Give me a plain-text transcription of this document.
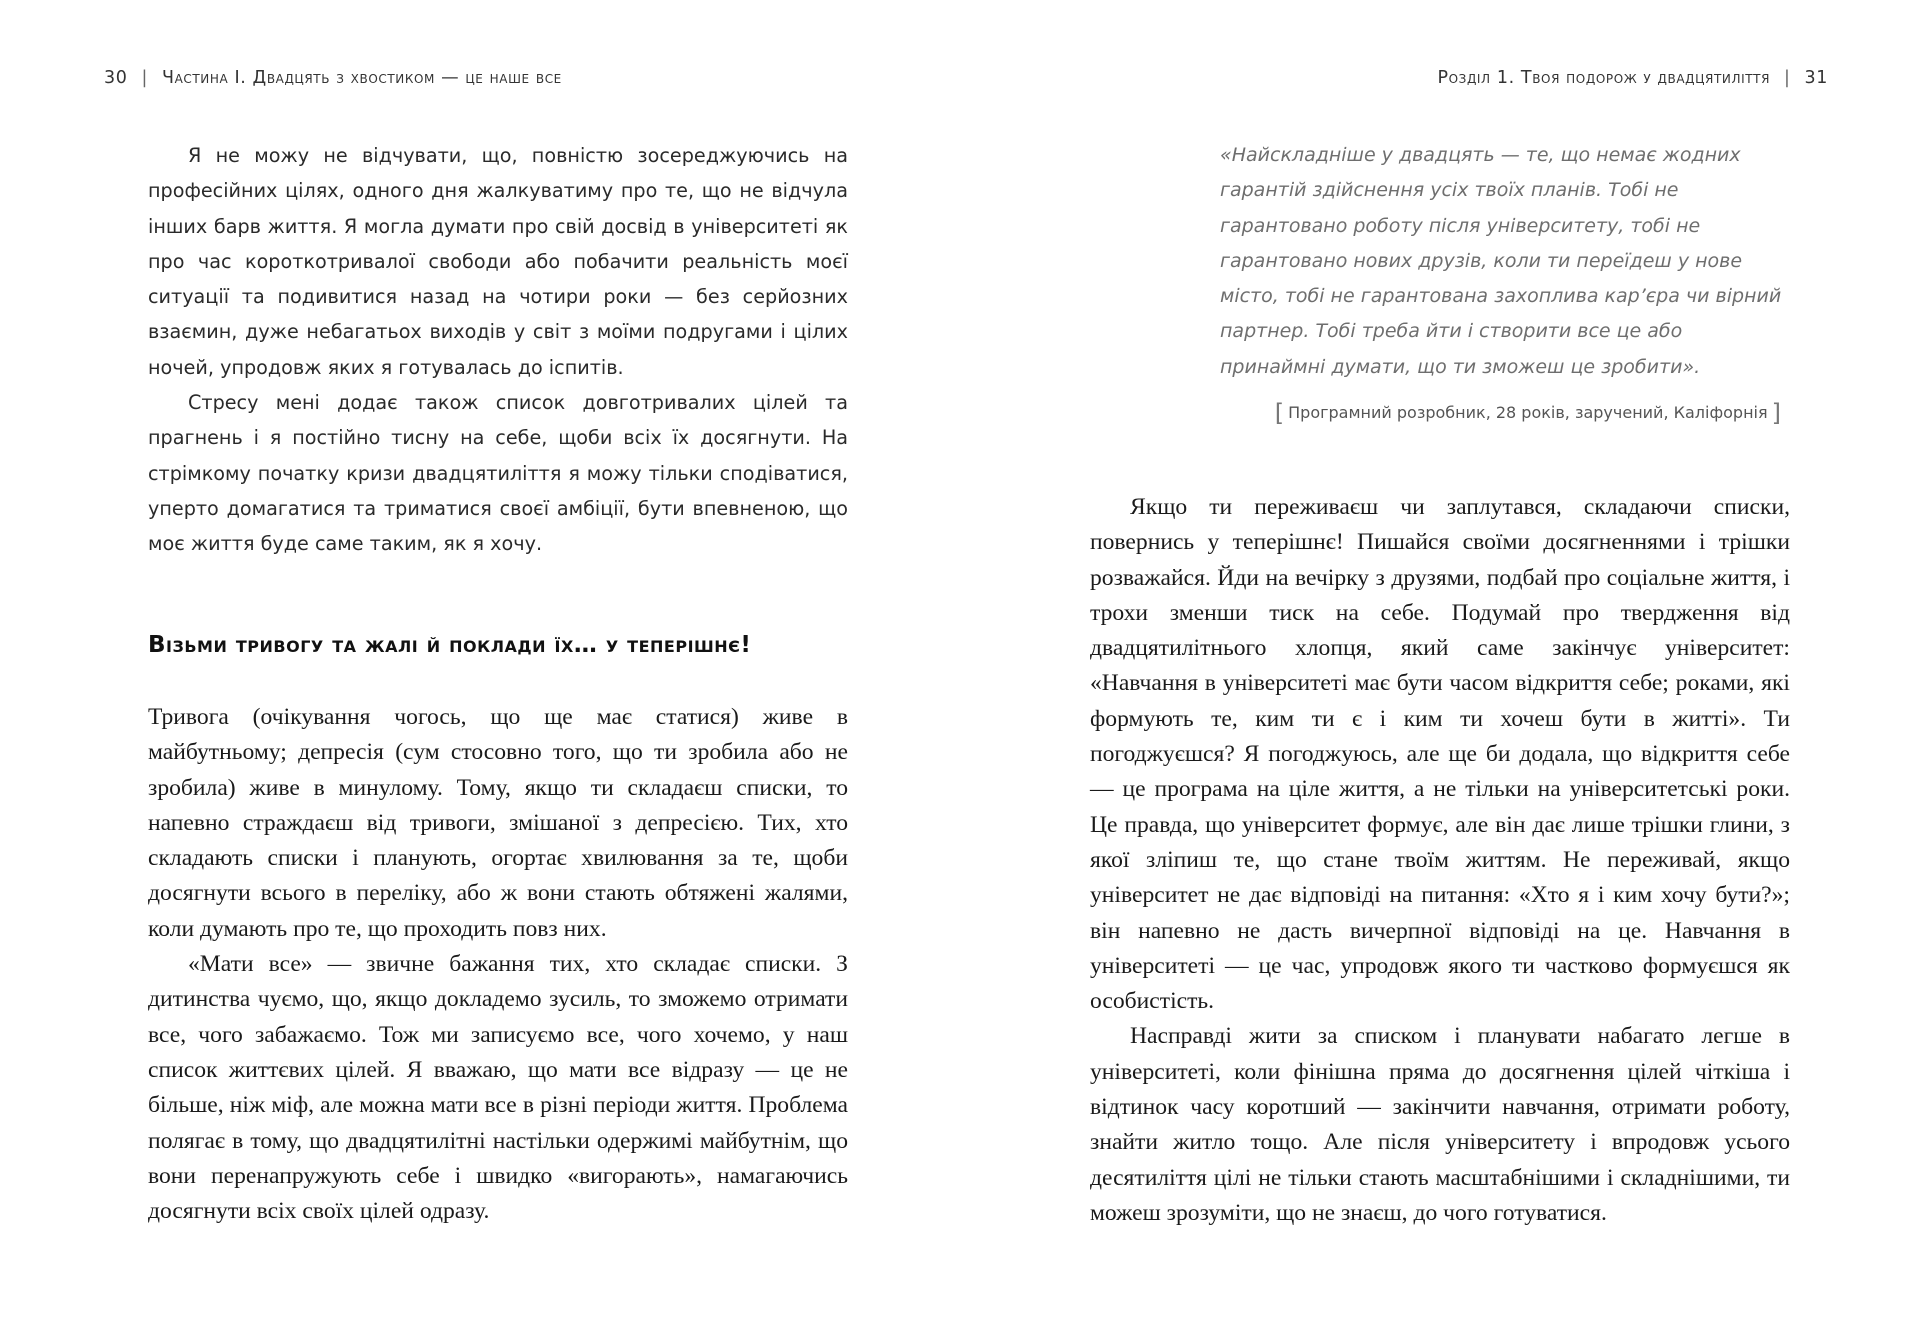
30 | Частина І. Двадцять з хвостиком — це наше все

Я не можу не відчувати, що, повністю зосереджуючись на професійних цілях, одного дня жалкуватиму про те, що не відчула інших барв життя. Я могла думати про свій досвід в університеті як про час короткотривалої свободи або побачити реальність моєї ситуації та подивитися назад на чотири роки — без серйозних взаємин, дуже небагатьох виходів у світ з моїми подругами і цілих ночей, упродовж яких я готувалась до іспитів.

Стресу мені додає також список довготривалих цілей та прагнень і я постійно тисну на себе, щоби всіх їх досягнути. На стрімкому початку кризи двадцятиліття я можу тільки сподіватися, уперто домагатися та триматися своєї амбіції, бути впевненою, що моє життя буде саме таким, як я хочу.

Візьми тривогу та жалі й поклади їх… у теперішнє!

Тривога (очікування чогось, що ще має статися) живе в майбутньому; депресія (сум стосовно того, що ти зробила або не зробила) живе в минулому. Тому, якщо ти складаєш списки, то напевно страждаєш від тривоги, змішаної з депресією. Тих, хто складають списки і планують, огортає хвилювання за те, щоби досягнути всього в переліку, або ж вони стають обтяжені жалями, коли думають про те, що проходить повз них.

«Мати все» — звичне бажання тих, хто складає списки. З дитинства чуємо, що, якщо докладемо зусиль, то зможемо отримати все, чого забажаємо. Тож ми записуємо все, чого хочемо, у наш список життєвих цілей. Я вважаю, що мати все відразу — це не більше, ніж міф, але можна мати все в різні періоди життя. Проблема полягає в тому, що двадцятилітні настільки одержимі майбутнім, що вони перенапружують себе і швидко «вигорають», намагаючись досягнути всіх своїх цілей одразу.

Розділ 1. Твоя подорож у двадцятиліття | 31

«Найскладніше у двадцять — те, що немає жодних гарантій здійснення усіх твоїх планів. Тобі не гарантовано роботу після університету, тобі не гарантовано нових друзів, коли ти переїдеш у нове місто, тобі не гарантована захоплива кар’єра чи вірний партнер. Тобі треба йти і створити все це або принаймні думати, що ти зможеш це зробити».

[ Програмний розробник, 28 років, заручений, Каліфорнія ]

Якщо ти переживаєш чи заплутався, складаючи списки, повернись у теперішнє! Пишайся своїми досягненнями і трішки розважайся. Йди на вечірку з друзями, подбай про соціальне життя, і трохи зменши тиск на себе. Подумай про твердження від двадцятилітнього хлопця, який саме закінчує університет: «Навчання в університеті має бути часом відкриття себе; роками, які формують те, ким ти є і ким ти хочеш бути в житті». Ти погоджуєшся? Я погоджуюсь, але ще би додала, що відкриття себе — це програма на ціле життя, а не тільки на університетські роки. Це правда, що університет формує, але він дає лише трішки глини, з якої зліпиш те, що стане твоїм життям. Не переживай, якщо університет не дає відповіді на питання: «Хто я і ким хочу бути?»; він напевно не дасть вичерпної відповіді на це. Навчання в університеті — це час, упродовж якого ти частково формуєшся як особистість.

Насправді жити за списком і планувати набагато легше в університеті, коли фінішна пряма до досягнення цілей чіткіша і відтинок часу коротший — закінчити навчання, отримати роботу, знайти житло тощо. Але після університету і впродовж усього десятиліття цілі не тільки стають масштабнішими і складнішими, ти можеш зрозуміти, що не знаєш, до чого готуватися.
